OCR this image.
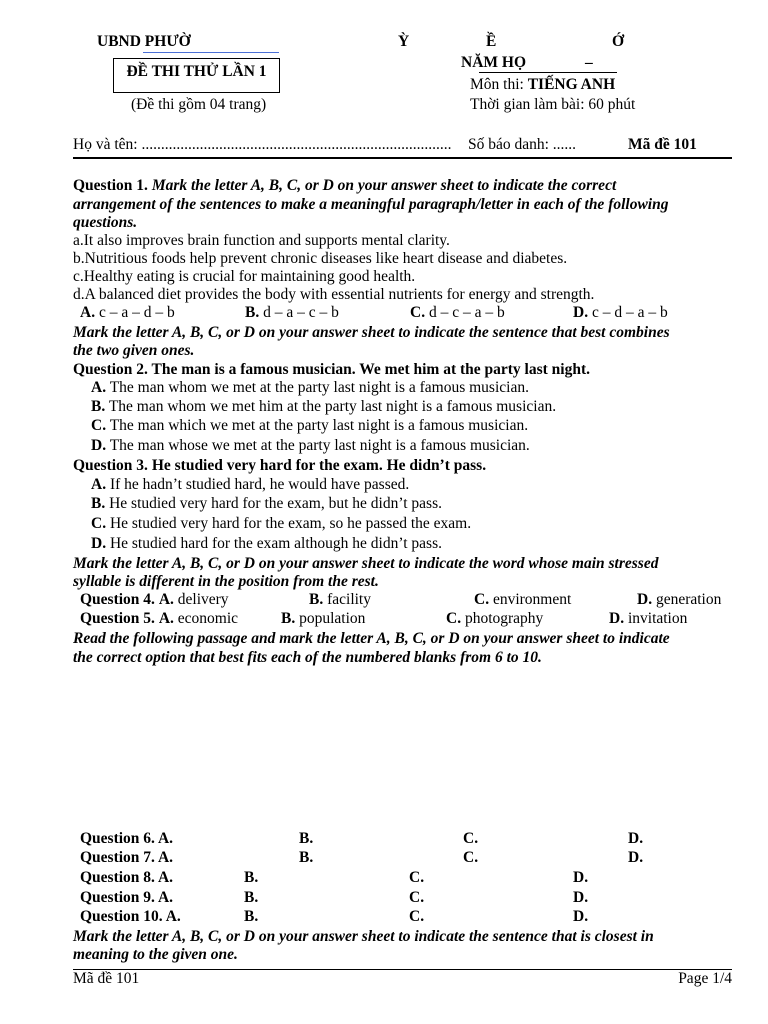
UBND PHƯỜ	Ỳ	Ề	Ớ
ĐỀ THI THỬ LẦN 1
NĂM HỌ	–
Môn thi: TIẾNG ANH
(Đề thi gồm 04 trang)	Thời gian làm bài: 60 phút
Họ và tên: ................................................................................ Số báo danh: ......	Mã đề 101
Question 1. Mark the letter A, B, C, or D on your answer sheet to indicate the correct
arrangement of the sentences to make a meaningful paragraph/letter in each of the following
questions.
a.It also improves brain function and supports mental clarity.
b.Nutritious foods help prevent chronic diseases like heart disease and diabetes.
c.Healthy eating is crucial for maintaining good health.
d.A balanced diet provides the body with essential nutrients for energy and strength.
A. c – a – d – b	B. d – a – c – b	C. d – c – a – b	D. c – d – a – b
Mark the letter A, B, C, or D on your answer sheet to indicate the sentence that best combines
the two given ones.
Question 2. The man is a famous musician. We met him at the party last night.
A. The man whom we met at the party last night is a famous musician.
B. The man whom we met him at the party last night is a famous musician.
C. The man which we met at the party last night is a famous musician.
D. The man whose we met at the party last night is a famous musician.
Question 3. He studied very hard for the exam. He didn’t pass.
A. If he hadn’t studied hard, he would have passed.
B. He studied very hard for the exam, but he didn’t pass.
C. He studied very hard for the exam, so he passed the exam.
D. He studied hard for the exam although he didn’t pass.
Mark the letter A, B, C, or D on your answer sheet to indicate the word whose main stressed
syllable is different in the position from the rest.
Question 4. A. delivery	B. facility	C. environment	D. generation
Question 5. A. economic	B. population	C. photography	D. invitation
Read the following passage and mark the letter A, B, C, or D on your answer sheet to indicate
the correct option that best fits each of the numbered blanks from 6 to 10.
Question 6. A.	B.	C.	D.
Question 7. A.	B.	C.	D.
Question 8. A.	B.	C.	D.
Question 9. A.	B.	C.	D.
Question 10. A.	B.	C.	D.
Mark the letter A, B, C, or D on your answer sheet to indicate the sentence that is closest in
meaning to the given one.
Mã đề 101	Page 1/4
